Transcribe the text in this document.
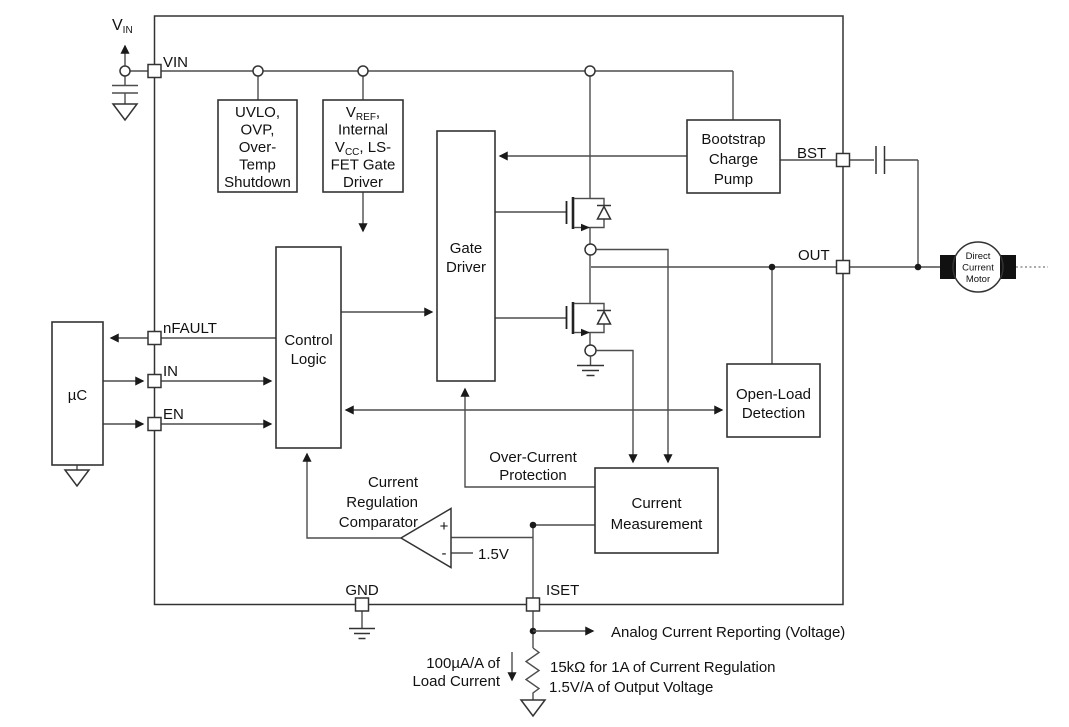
VIN
VIN
BST
OUT
nFAULT
IN
EN
GND	ISET
UVLO,
OVP,
Over-
Temp
Shutdown
$V_{REF}$,
Internal
$V_{CC}$, LS-
FET Gate
Driver
Gate
Driver
Control
Logic
Bootstrap
Charge
Pump
Open-Load
Detection
Current
Measurement
µC
Direct
Current
Motor
Current
Regulation
Comparator +
- 1.5V
Over-Current
Protection
Analog Current Reporting (Voltage)
100µA/A of
Load Current
15kΩ for 1A of Current Regulation
1.5V/A of Output Voltage
